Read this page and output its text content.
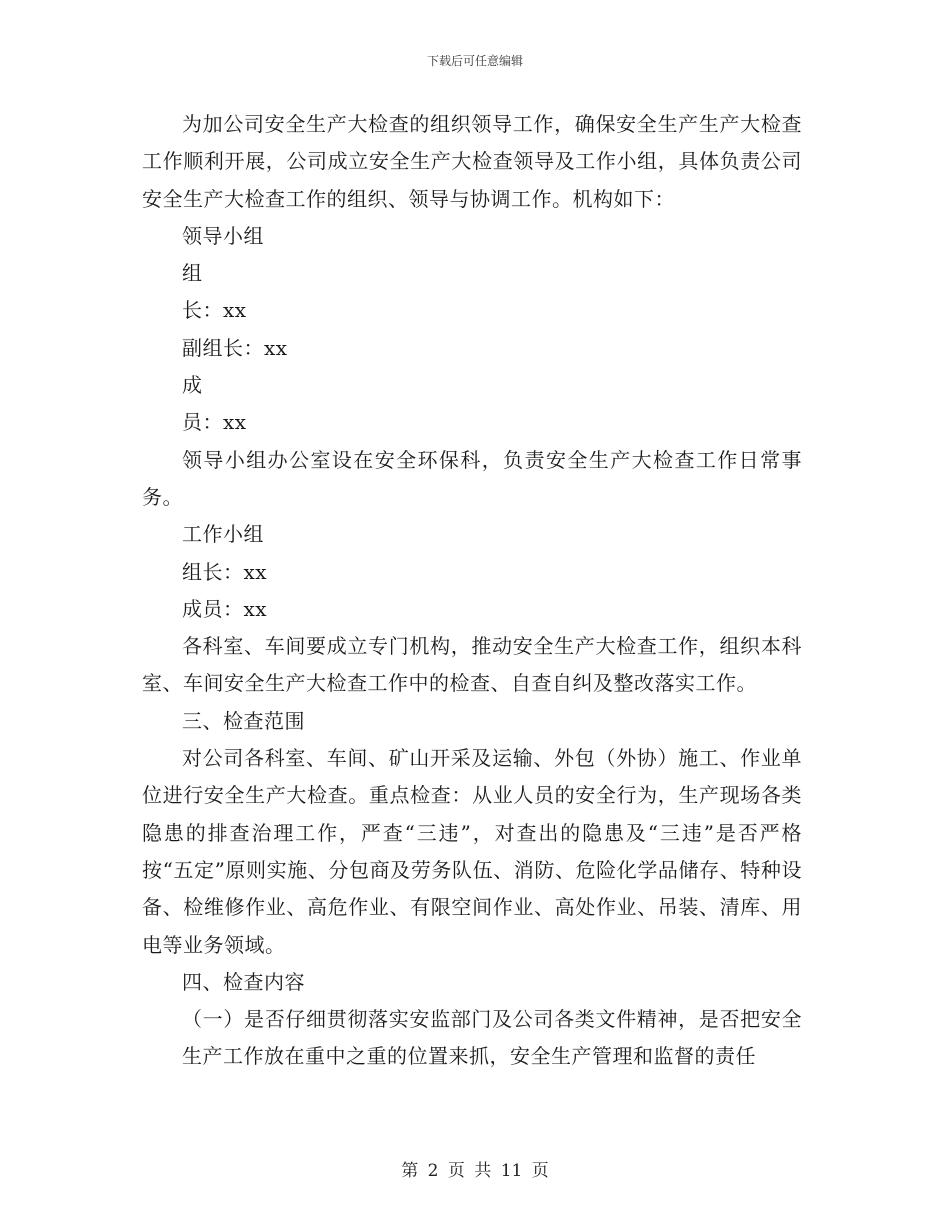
下载后可任意编辑

为加公司安全生产大检查的组织领导工作，确保安全生产生产大检查工作顺利开展，公司成立安全生产大检查领导及工作小组，具体负责公司安全生产大检查工作的组织、领导与协调工作。机构如下：

领导小组

组

长：xx

副组长：xx

成

员：xx

领导小组办公室设在安全环保科，负责安全生产大检查工作日常事务。

工作小组

组长：xx

成员：xx

各科室、车间要成立专门机构，推动安全生产大检查工作，组织本科室、车间安全生产大检查工作中的检查、自查自纠及整改落实工作。

三、检查范围

对公司各科室、车间、矿山开采及运输、外包（外协）施工、作业单位进行安全生产大检查。重点检查：从业人员的安全行为，生产现场各类隐患的排查治理工作，严查“三违”，对查出的隐患及“三违”是否严格按“五定”原则实施、分包商及劳务队伍、消防、危险化学品储存、特种设备、检维修作业、高危作业、有限空间作业、高处作业、吊装、清库、用电等业务领域。

四、检查内容

（一）是否仔细贯彻落实安监部门及公司各类文件精神，是否把安全生产工作放在重中之重的位置来抓，安全生产管理和监督的责任

第 2 页 共 11 页
